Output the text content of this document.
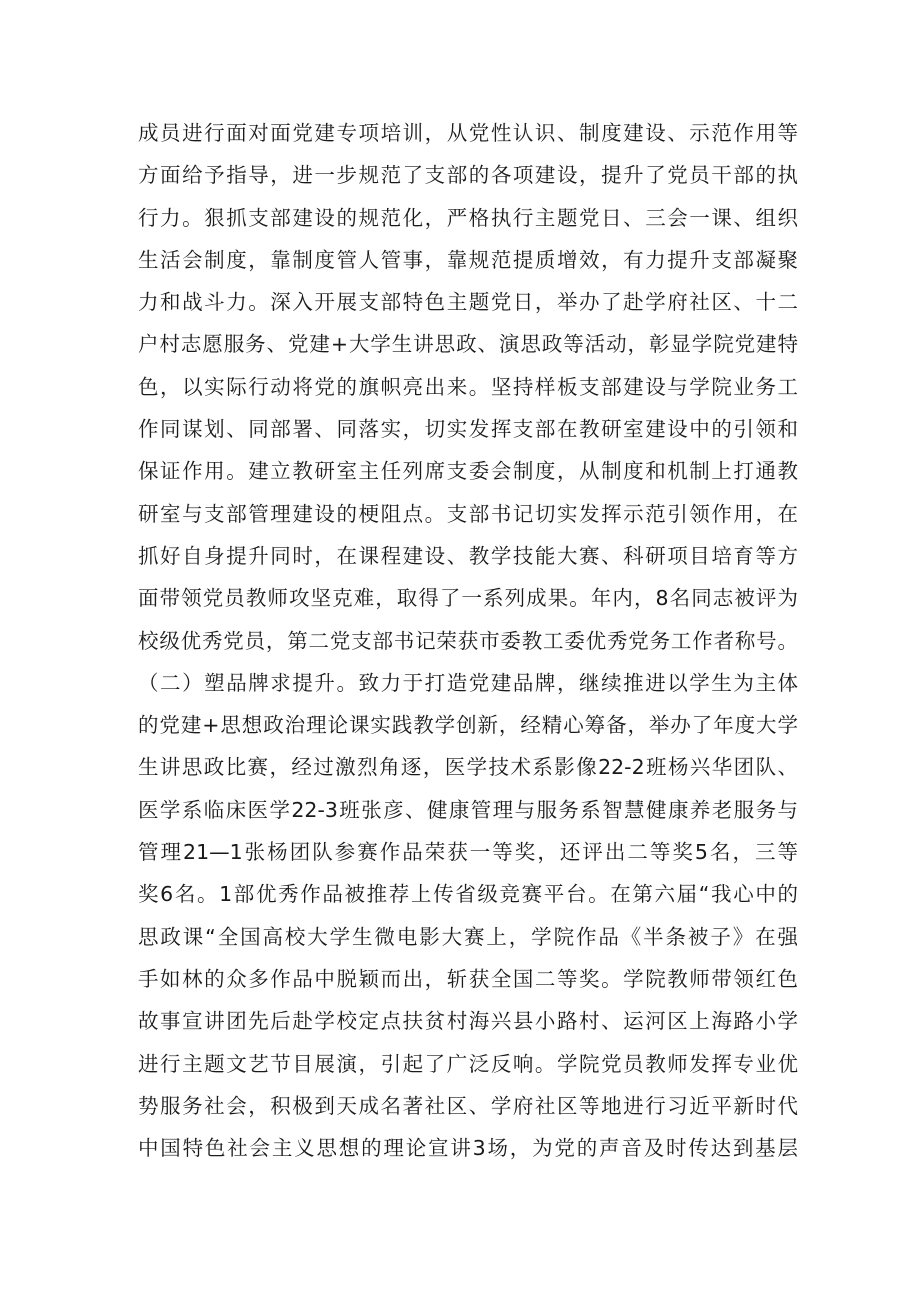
成员进行面对面党建专项培训，从党性认识、制度建设、示范作用等
方面给予指导，进一步规范了支部的各项建设，提升了党员干部的执
行力。狠抓支部建设的规范化，严格执行主题党日、三会一课、组织
生活会制度，靠制度管人管事，靠规范提质增效，有力提升支部凝聚
力和战斗力。深入开展支部特色主题党日，举办了赴学府社区、十二
户村志愿服务、党建+大学生讲思政、演思政等活动，彰显学院党建特
色，以实际行动将党的旗帜亮出来。坚持样板支部建设与学院业务工
作同谋划、同部署、同落实，切实发挥支部在教研室建设中的引领和
保证作用。建立教研室主任列席支委会制度，从制度和机制上打通教
研室与支部管理建设的梗阻点。支部书记切实发挥示范引领作用，在
抓好自身提升同时，在课程建设、教学技能大赛、科研项目培育等方
面带领党员教师攻坚克难，取得了一系列成果。年内，8名同志被评为
校级优秀党员，第二党支部书记荣获市委教工委优秀党务工作者称号。
（二）塑品牌求提升。致力于打造党建品牌，继续推进以学生为主体
的党建+思想政治理论课实践教学创新，经精心筹备，举办了年度大学
生讲思政比赛，经过激烈角逐，医学技术系影像22-2班杨兴华团队、
医学系临床医学22-3班张彦、健康管理与服务系智慧健康养老服务与
管理21—1张杨团队参赛作品荣获一等奖，还评出二等奖5名，三等
奖6名。1部优秀作品被推荐上传省级竞赛平台。在第六届“我心中的
思政课“全国高校大学生微电影大赛上，学院作品《半条被子》在强
手如林的众多作品中脱颖而出，斩获全国二等奖。学院教师带领红色
故事宣讲团先后赴学校定点扶贫村海兴县小路村、运河区上海路小学
进行主题文艺节目展演，引起了广泛反响。学院党员教师发挥专业优
势服务社会，积极到天成名著社区、学府社区等地进行习近平新时代
中国特色社会主义思想的理论宣讲3场，为党的声音及时传达到基层
